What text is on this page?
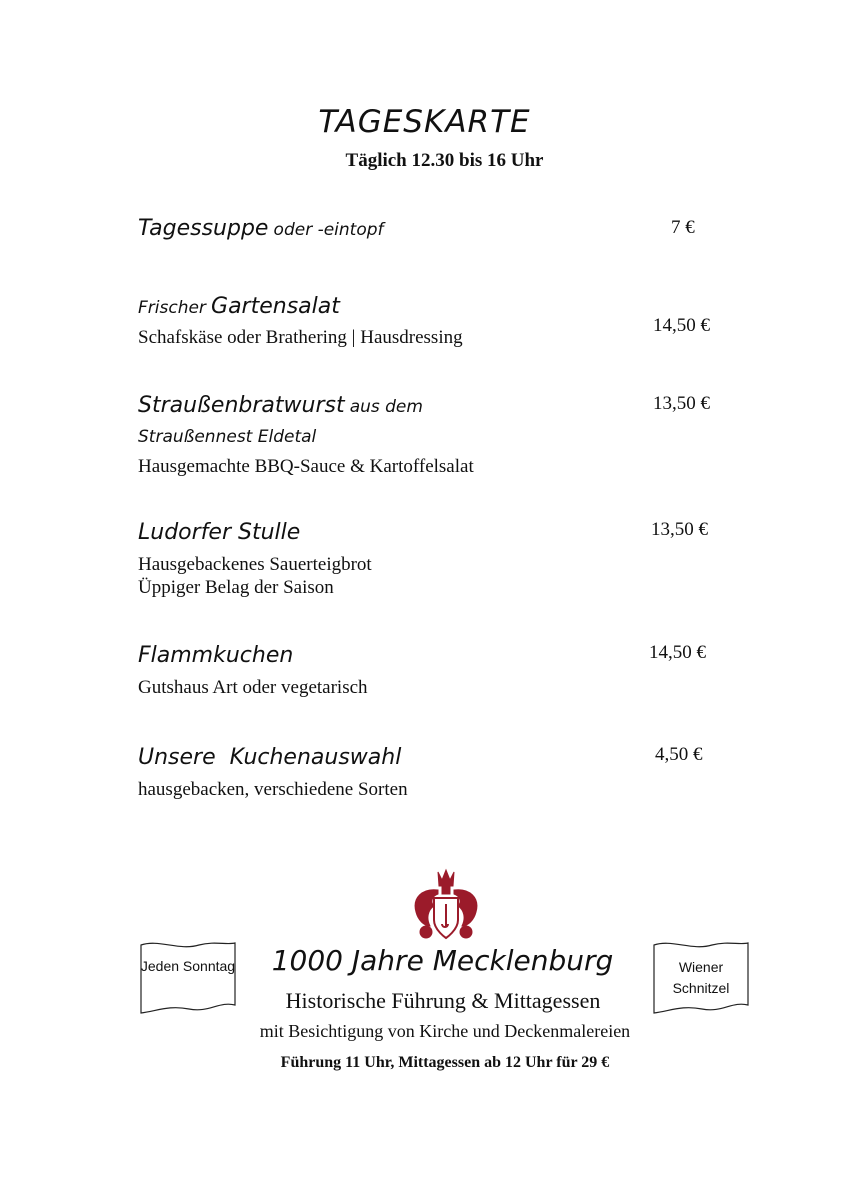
TAGESKARTE
Täglich 12.30 bis 16 Uhr
Tagessuppe oder -eintopf	7 €
Frischer Gartensalat
Schafskäse oder Brathering | Hausdressing
14,50 €
Straußenbratwurst aus dem
Straußennest Eldetal
Hausgemachte BBQ-Sauce & Kartoffelsalat
13,50 €
Ludorfer Stulle
Hausgebackenes Sauerteigbrot
Üppiger Belag der Saison
13,50 €
Flammkuchen
Gutshaus Art oder vegetarisch
14,50 €
Unsere  Kuchenauswahl
hausgebacken, verschiedene Sorten
4,50 €
Jeden Sonntag	Wiener Schnitzel
1000 Jahre Mecklenburg
Historische Führung & Mittagessen
mit Besichtigung von Kirche und Deckenmalereien
Führung 11 Uhr, Mittagessen ab 12 Uhr für 29 €
